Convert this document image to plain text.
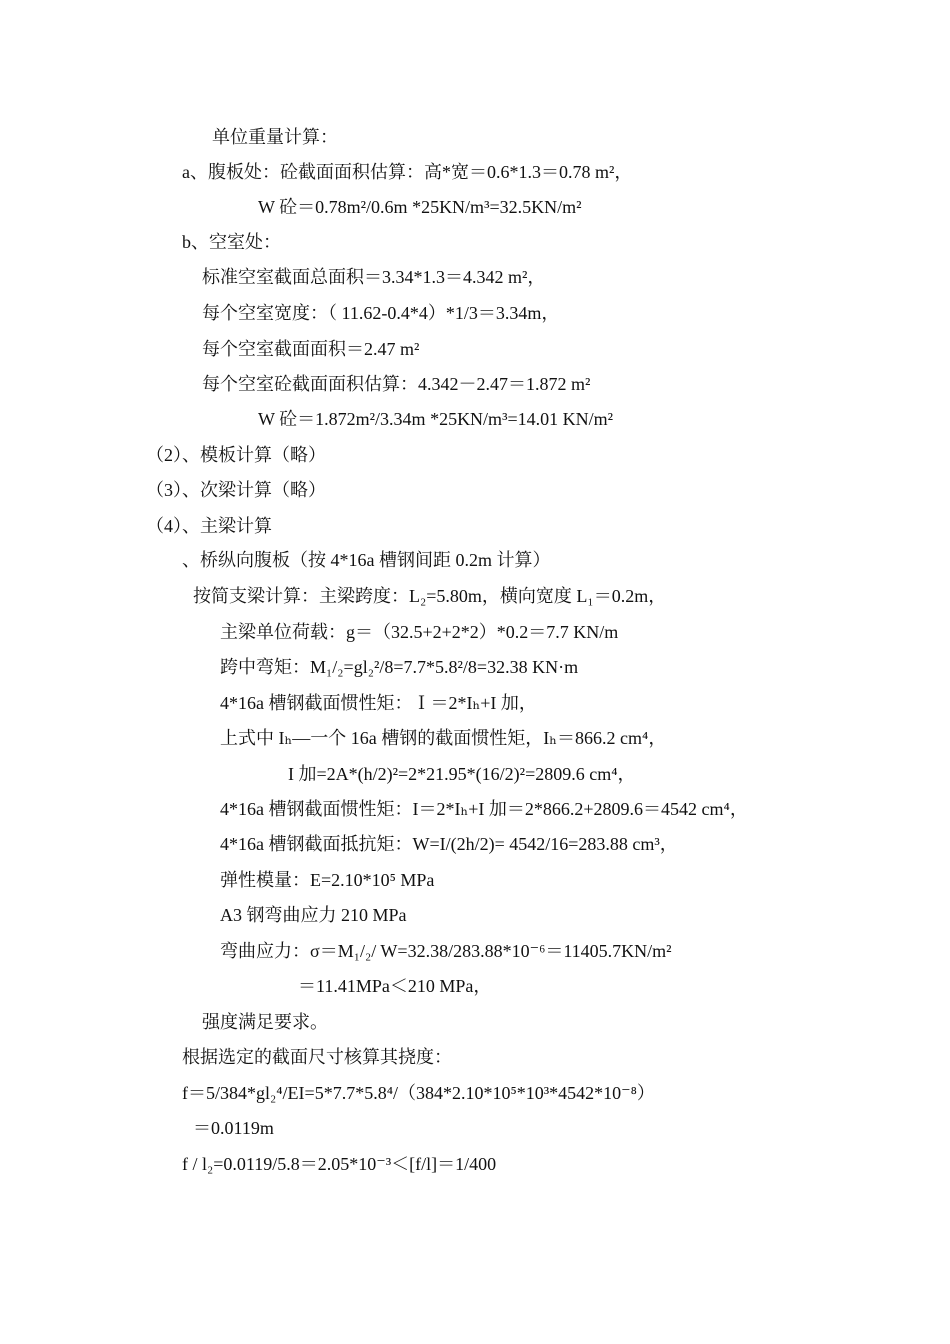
单位重量计算：
a、腹板处：砼截面面积估算：高*宽＝0.6*1.3＝0.78 m²，
W 砼＝0.78m²/0.6m *25KN/m³=32.5KN/m²
b、空室处：
标准空室截面总面积＝3.34*1.3＝4.342 m²，
每个空室宽度：（ 11.62-0.4*4）*1/3＝3.34m，
每个空室截面面积＝2.47 m²
每个空室砼截面面积估算：4.342－2.47＝1.872 m²
W 砼＝1.872m²/3.34m *25KN/m³=14.01 KN/m²
（2）、模板计算（略）
（3）、次梁计算（略）
（4）、主梁计算
、桥纵向腹板（按 4*16a 槽钢间距 0.2m 计算）
按简支梁计算：主梁跨度：L₂=5.80m，横向宽度 L₁＝0.2m，
主梁单位荷载：g＝（32.5+2+2*2）*0.2＝7.7 KN/m
跨中弯矩：M₁/₂=gl₂²/8=7.7*5.8²/8=32.38 KN·m
4*16a 槽钢截面惯性矩：Ｉ＝2*Iₕ+I 加，
上式中 Iₕ—一个 16a 槽钢的截面惯性矩，Iₕ＝866.2 cm⁴，
I 加=2A*(h/2)²=2*21.95*(16/2)²=2809.6 cm⁴，
4*16a 槽钢截面惯性矩：I＝2*Iₕ+I 加＝2*866.2+2809.6＝4542 cm⁴，
4*16a 槽钢截面抵抗矩：W=I/(2h/2)= 4542/16=283.88 cm³，
弹性模量：E=2.10*10⁵ MPa
A3 钢弯曲应力 210 MPa
弯曲应力：σ＝M₁/₂/ W=32.38/283.88*10⁻⁶＝11405.7KN/m²
＝11.41MPa＜210 MPa，
强度满足要求。
根据选定的截面尺寸核算其挠度：
f＝5/384*gl₂⁴/EI=5*7.7*5.8⁴/（384*2.10*10⁵*10³*4542*10⁻⁸）
＝0.0119m
f / l₂=0.0119/5.8＝2.05*10⁻³＜[f/l]＝1/400
